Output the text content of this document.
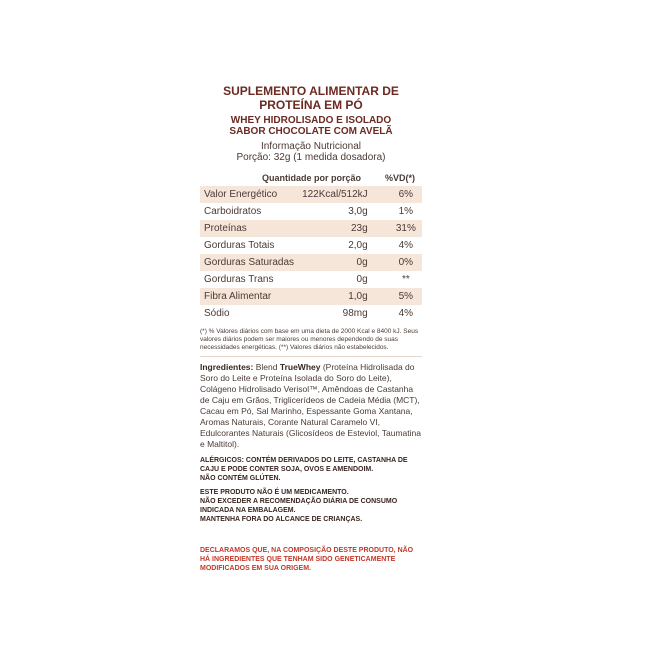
SUPLEMENTO ALIMENTAR DE
PROTEÍNA EM PÓ
WHEY HIDROLISADO E ISOLADO
SABOR CHOCOLATE COM AVELÃ
Informação Nutricional
Porção: 32g (1 medida dosadora)
Quantidade por porção	%VD(*)
Valor Energético	122Kcal/512kJ	6%
Carboidratos	3,0g	1%
Proteínas	23g	31%
Gorduras Totais	2,0g	4%
Gorduras Saturadas	0g	0%
Gorduras Trans	0g	**
Fibra Alimentar	1,0g	5%
Sódio	98mg	4%
(*) % Valores diários com base em uma dieta de 2000 Kcal e 8400 kJ. Seus valores diários podem ser maiores ou menores dependendo de suas necessidades energéticas. (**) Valores diários não estabelecidos.
Ingredientes: Blend TrueWhey (Proteína Hidrolisada do Soro do Leite e Proteína Isolada do Soro do Leite), Colágeno Hidrolisado Verisol™, Amêndoas de Castanha de Caju em Grãos, Triglicerídeos de Cadeia Média (MCT), Cacau em Pó, Sal Marinho, Espessante Goma Xantana, Aromas Naturais, Corante Natural Caramelo VI, Edulcorantes Naturais (Glicosídeos de Esteviol, Taumatina e Maltitol).
ALÉRGICOS: CONTÉM DERIVADOS DO LEITE, CASTANHA DE CAJU E PODE CONTER SOJA, OVOS E AMENDOIM.
NÃO CONTÉM GLÚTEN.
ESTE PRODUTO NÃO É UM MEDICAMENTO.
NÃO EXCEDER A RECOMENDAÇÃO DIÁRIA DE CONSUMO INDICADA NA EMBALAGEM.
MANTENHA FORA DO ALCANCE DE CRIANÇAS.
DECLARAMOS QUE, NA COMPOSIÇÃO DESTE PRODUTO, NÃO HÁ INGREDIENTES QUE TENHAM SIDO GENETICAMENTE MODIFICADOS EM SUA ORIGEM.
